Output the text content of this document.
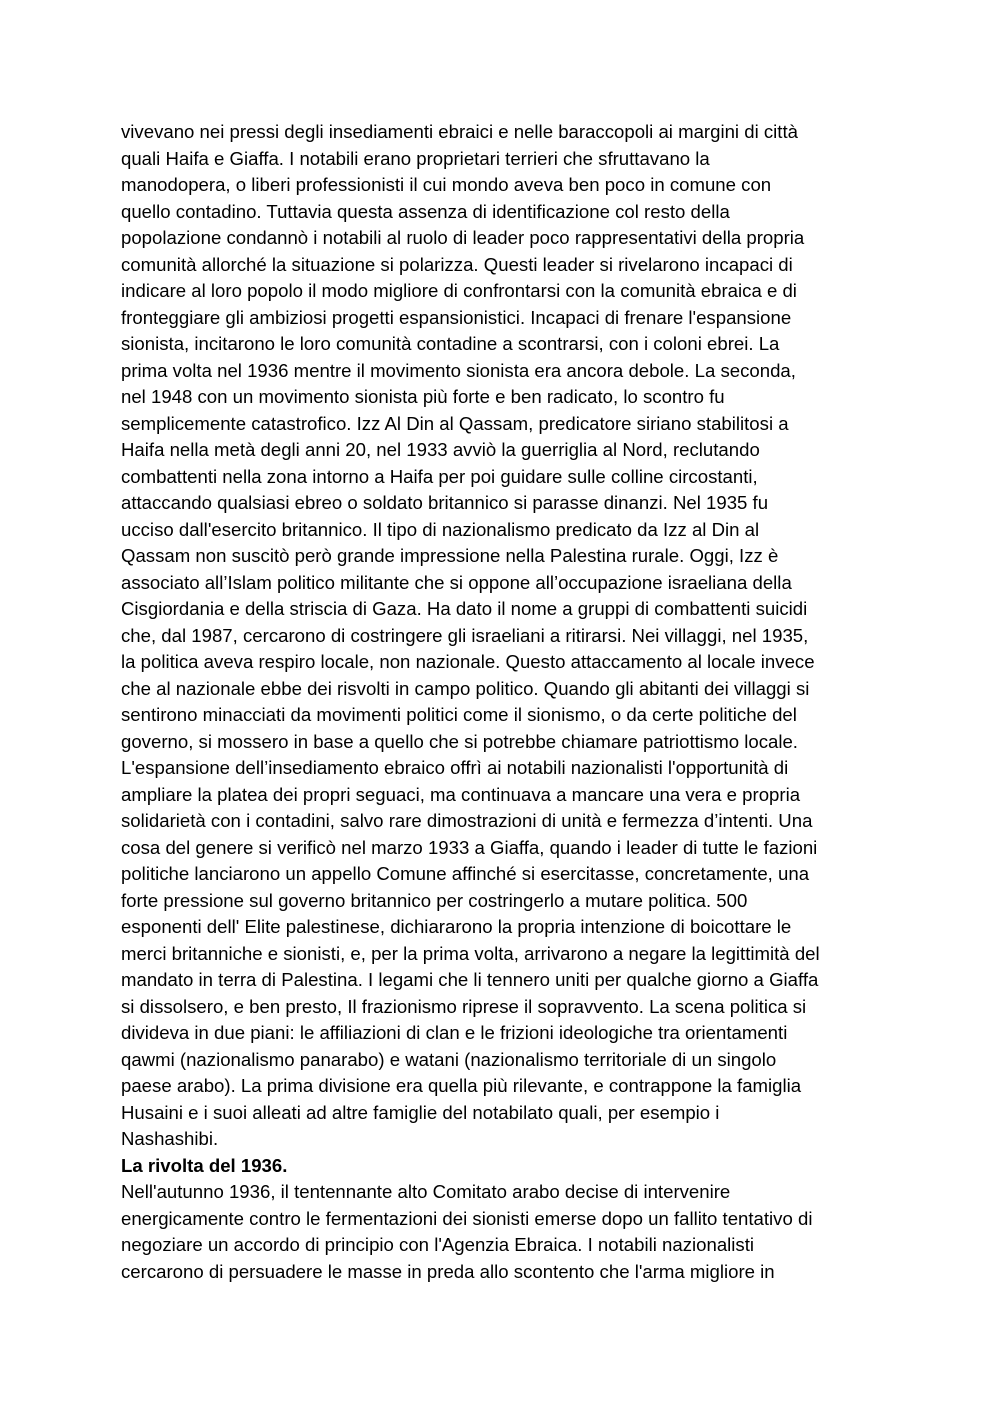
vivevano nei pressi degli insediamenti ebraici e nelle baraccopoli ai margini di città
quali Haifa e Giaffa. I notabili erano proprietari terrieri che sfruttavano la
manodopera, o liberi professionisti il cui mondo aveva ben poco in comune con
quello contadino. Tuttavia questa assenza di identificazione col resto della
popolazione condannò i notabili al ruolo di leader poco rappresentativi della propria
comunità allorché la situazione si polarizza. Questi leader si rivelarono incapaci di
indicare al loro popolo il modo migliore di confrontarsi con la comunità ebraica e di
fronteggiare gli ambiziosi progetti espansionistici. Incapaci di frenare l'espansione
sionista, incitarono le loro comunità contadine a scontrarsi, con i coloni ebrei. La
prima volta nel 1936 mentre il movimento sionista era ancora debole. La seconda,
nel 1948 con un movimento sionista più forte e ben radicato, lo scontro fu
semplicemente catastrofico. Izz Al Din al Qassam, predicatore siriano stabilitosi a
Haifa nella metà degli anni 20, nel 1933 avviò la guerriglia al Nord, reclutando
combattenti nella zona intorno a Haifa per poi guidare sulle colline circostanti,
attaccando qualsiasi ebreo o soldato britannico si parasse dinanzi. Nel 1935 fu
ucciso dall'esercito britannico. Il tipo di nazionalismo predicato da Izz al Din al
Qassam non suscitò però grande impressione nella Palestina rurale. Oggi, Izz è
associato all’Islam politico militante che si oppone all’occupazione israeliana della
Cisgiordania e della striscia di Gaza. Ha dato il nome a gruppi di combattenti suicidi
che, dal 1987, cercarono di costringere gli israeliani a ritirarsi. Nei villaggi, nel 1935,
la politica aveva respiro locale, non nazionale. Questo attaccamento al locale invece
che al nazionale ebbe dei risvolti in campo politico. Quando gli abitanti dei villaggi si
sentirono minacciati da movimenti politici come il sionismo, o da certe politiche del
governo, si mossero in base a quello che si potrebbe chiamare patriottismo locale.
L'espansione dell’insediamento ebraico offrì ai notabili nazionalisti l'opportunità di
ampliare la platea dei propri seguaci, ma continuava a mancare una vera e propria
solidarietà con i contadini, salvo rare dimostrazioni di unità e fermezza d’intenti. Una
cosa del genere si verificò nel marzo 1933 a Giaffa, quando i leader di tutte le fazioni
politiche lanciarono un appello Comune affinché si esercitasse, concretamente, una
forte pressione sul governo britannico per costringerlo a mutare politica. 500
esponenti dell' Elite palestinese, dichiararono la propria intenzione di boicottare le
merci britanniche e sionisti, e, per la prima volta, arrivarono a negare la legittimità del
mandato in terra di Palestina. I legami che li tennero uniti per qualche giorno a Giaffa
si dissolsero, e ben presto, Il frazionismo riprese il sopravvento. La scena politica si
divideva in due piani: le affiliazioni di clan e le frizioni ideologiche tra orientamenti
qawmi (nazionalismo panarabo) e watani (nazionalismo territoriale di un singolo
paese arabo). La prima divisione era quella più rilevante, e contrappone la famiglia
Husaini e i suoi alleati ad altre famiglie del notabilato quali, per esempio i
Nashashibi.
La rivolta del 1936.
Nell'autunno 1936, il tentennante alto Comitato arabo decise di intervenire
energicamente contro le fermentazioni dei sionisti emerse dopo un fallito tentativo di
negoziare un accordo di principio con l'Agenzia Ebraica. I notabili nazionalisti
cercarono di persuadere le masse in preda allo scontento che l'arma migliore in
